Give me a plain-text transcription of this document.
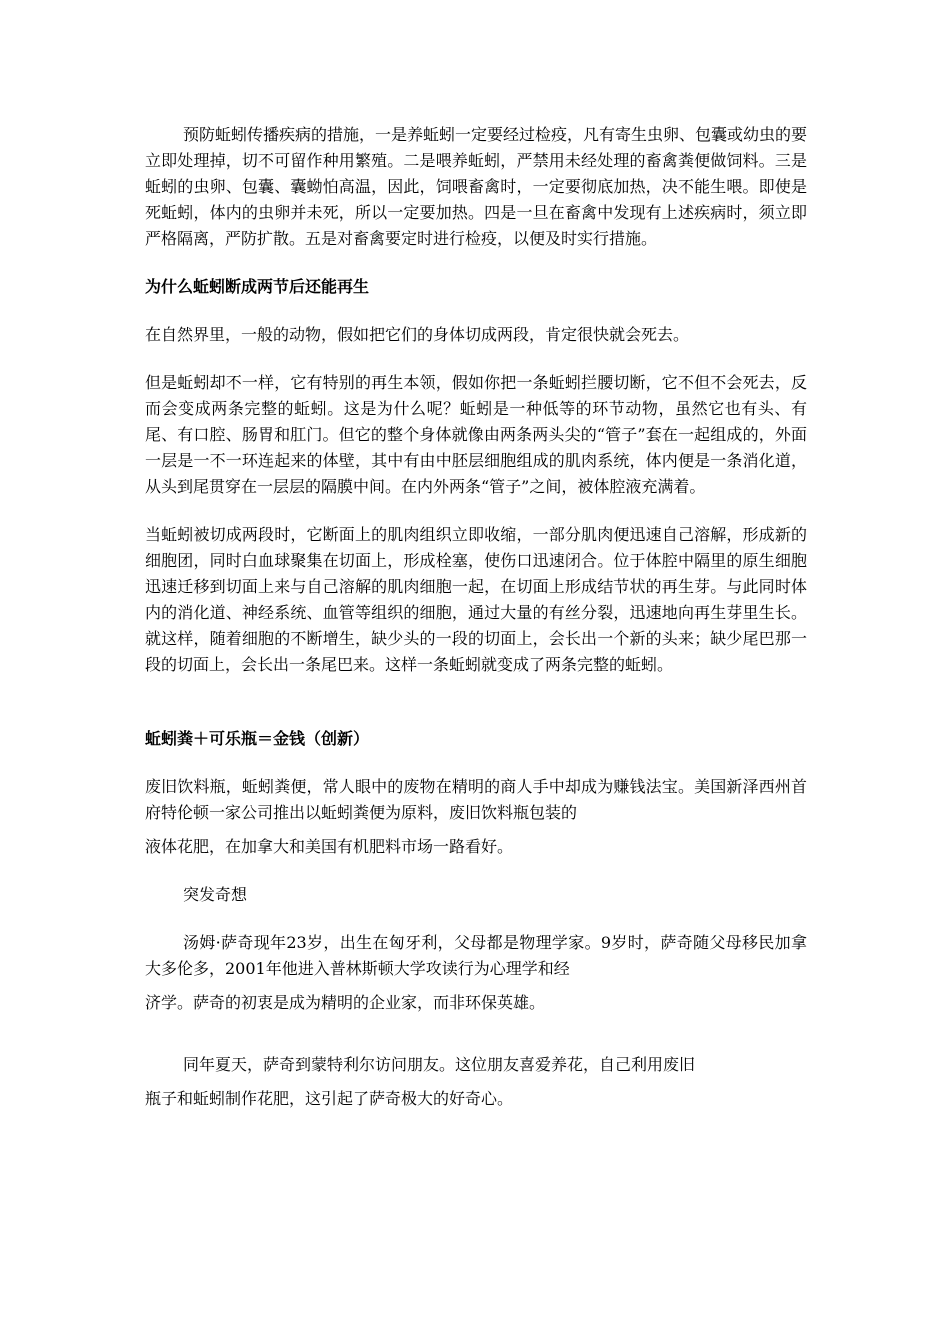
预防蚯蚓传播疾病的措施，一是养蚯蚓一定要经过检疫，凡有寄生虫卵、包囊或幼虫的要立即处理掉，切不可留作种用繁殖。二是喂养蚯蚓，严禁用未经处理的畜禽粪便做饲料。三是蚯蚓的虫卵、包囊、囊蚴怕高温，因此，饲喂畜禽时，一定要彻底加热，决不能生喂。即使是死蚯蚓，体内的虫卵并未死，所以一定要加热。四是一旦在畜禽中发现有上述疾病时，须立即严格隔离，严防扩散。五是对畜禽要定时进行检疫，以便及时实行措施。

为什么蚯蚓断成两节后还能再生

在自然界里，一般的动物，假如把它们的身体切成两段，肯定很快就会死去。

但是蚯蚓却不一样，它有特别的再生本领，假如你把一条蚯蚓拦腰切断，它不但不会死去，反而会变成两条完整的蚯蚓。这是为什么呢？蚯蚓是一种低等的环节动物，虽然它也有头、有尾、有口腔、肠胃和肛门。但它的整个身体就像由两条两头尖的“管子”套在一起组成的，外面一层是一不一环连起来的体壁，其中有由中胚层细胞组成的肌肉系统，体内便是一条消化道，从头到尾贯穿在一层层的隔膜中间。在内外两条“管子”之间，被体腔液充满着。

当蚯蚓被切成两段时，它断面上的肌肉组织立即收缩，一部分肌肉便迅速自己溶解，形成新的细胞团，同时白血球聚集在切面上，形成栓塞，使伤口迅速闭合。位于体腔中隔里的原生细胞迅速迁移到切面上来与自己溶解的肌肉细胞一起，在切面上形成结节状的再生芽。与此同时体内的消化道、神经系统、血管等组织的细胞，通过大量的有丝分裂，迅速地向再生芽里生长。就这样，随着细胞的不断增生，缺少头的一段的切面上，会长出一个新的头来；缺少尾巴那一段的切面上，会长出一条尾巴来。这样一条蚯蚓就变成了两条完整的蚯蚓。

蚯蚓粪＋可乐瓶＝金钱（创新）

废旧饮料瓶，蚯蚓粪便，常人眼中的废物在精明的商人手中却成为赚钱法宝。美国新泽西州首府特伦顿一家公司推出以蚯蚓粪便为原料，废旧饮料瓶包装的

液体花肥，在加拿大和美国有机肥料市场一路看好。

突发奇想

汤姆·萨奇现年23岁，出生在匈牙利，父母都是物理学家。9岁时，萨奇随父母移民加拿大多伦多，2001年他进入普林斯顿大学攻读行为心理学和经

济学。萨奇的初衷是成为精明的企业家，而非环保英雄。

同年夏天，萨奇到蒙特利尔访问朋友。这位朋友喜爱养花，自己利用废旧

瓶子和蚯蚓制作花肥，这引起了萨奇极大的好奇心。
